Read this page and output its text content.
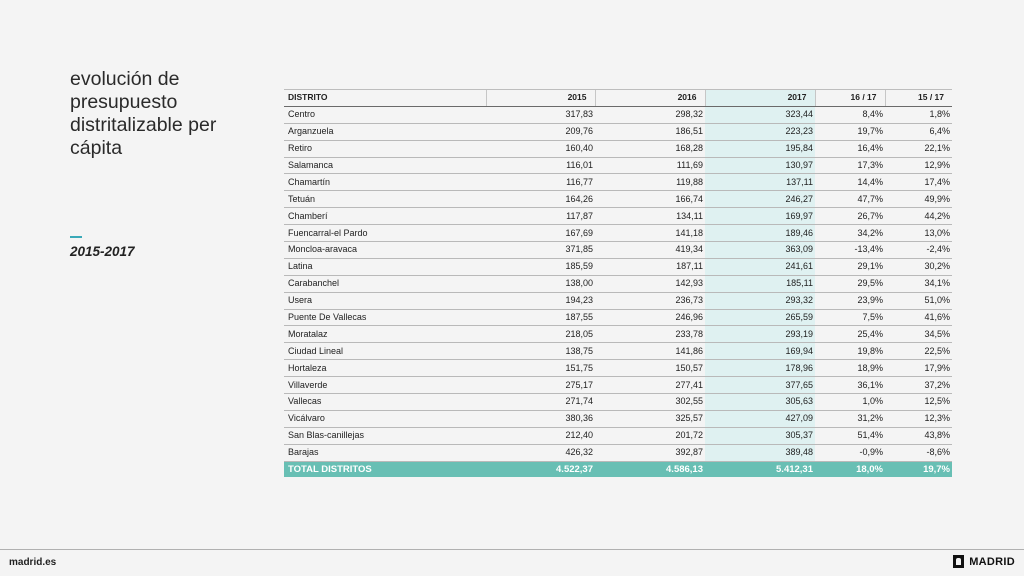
evolución de presupuesto distritalizable per cápita
2015-2017
DISTRITO	2015	2016	2017	16 / 17	15 / 17
Centro	317,83	298,32	323,44	8,4%	1,8%
Arganzuela	209,76	186,51	223,23	19,7%	6,4%
Retiro	160,40	168,28	195,84	16,4%	22,1%
Salamanca	116,01	111,69	130,97	17,3%	12,9%
Chamartín	116,77	119,88	137,11	14,4%	17,4%
Tetuán	164,26	166,74	246,27	47,7%	49,9%
Chamberí	117,87	134,11	169,97	26,7%	44,2%
Fuencarral-el Pardo	167,69	141,18	189,46	34,2%	13,0%
Moncloa-aravaca	371,85	419,34	363,09	-13,4%	-2,4%
Latina	185,59	187,11	241,61	29,1%	30,2%
Carabanchel	138,00	142,93	185,11	29,5%	34,1%
Usera	194,23	236,73	293,32	23,9%	51,0%
Puente De Vallecas	187,55	246,96	265,59	7,5%	41,6%
Moratalaz	218,05	233,78	293,19	25,4%	34,5%
Ciudad Lineal	138,75	141,86	169,94	19,8%	22,5%
Hortaleza	151,75	150,57	178,96	18,9%	17,9%
Villaverde	275,17	277,41	377,65	36,1%	37,2%
Vallecas	271,74	302,55	305,63	1,0%	12,5%
Vicálvaro	380,36	325,57	427,09	31,2%	12,3%
San Blas-canillejas	212,40	201,72	305,37	51,4%	43,8%
Barajas	426,32	392,87	389,48	-0,9%	-8,6%
TOTAL DISTRITOS	4.522,37	4.586,13	5.412,31	18,0%	19,7%
madrid.es	MADRID
